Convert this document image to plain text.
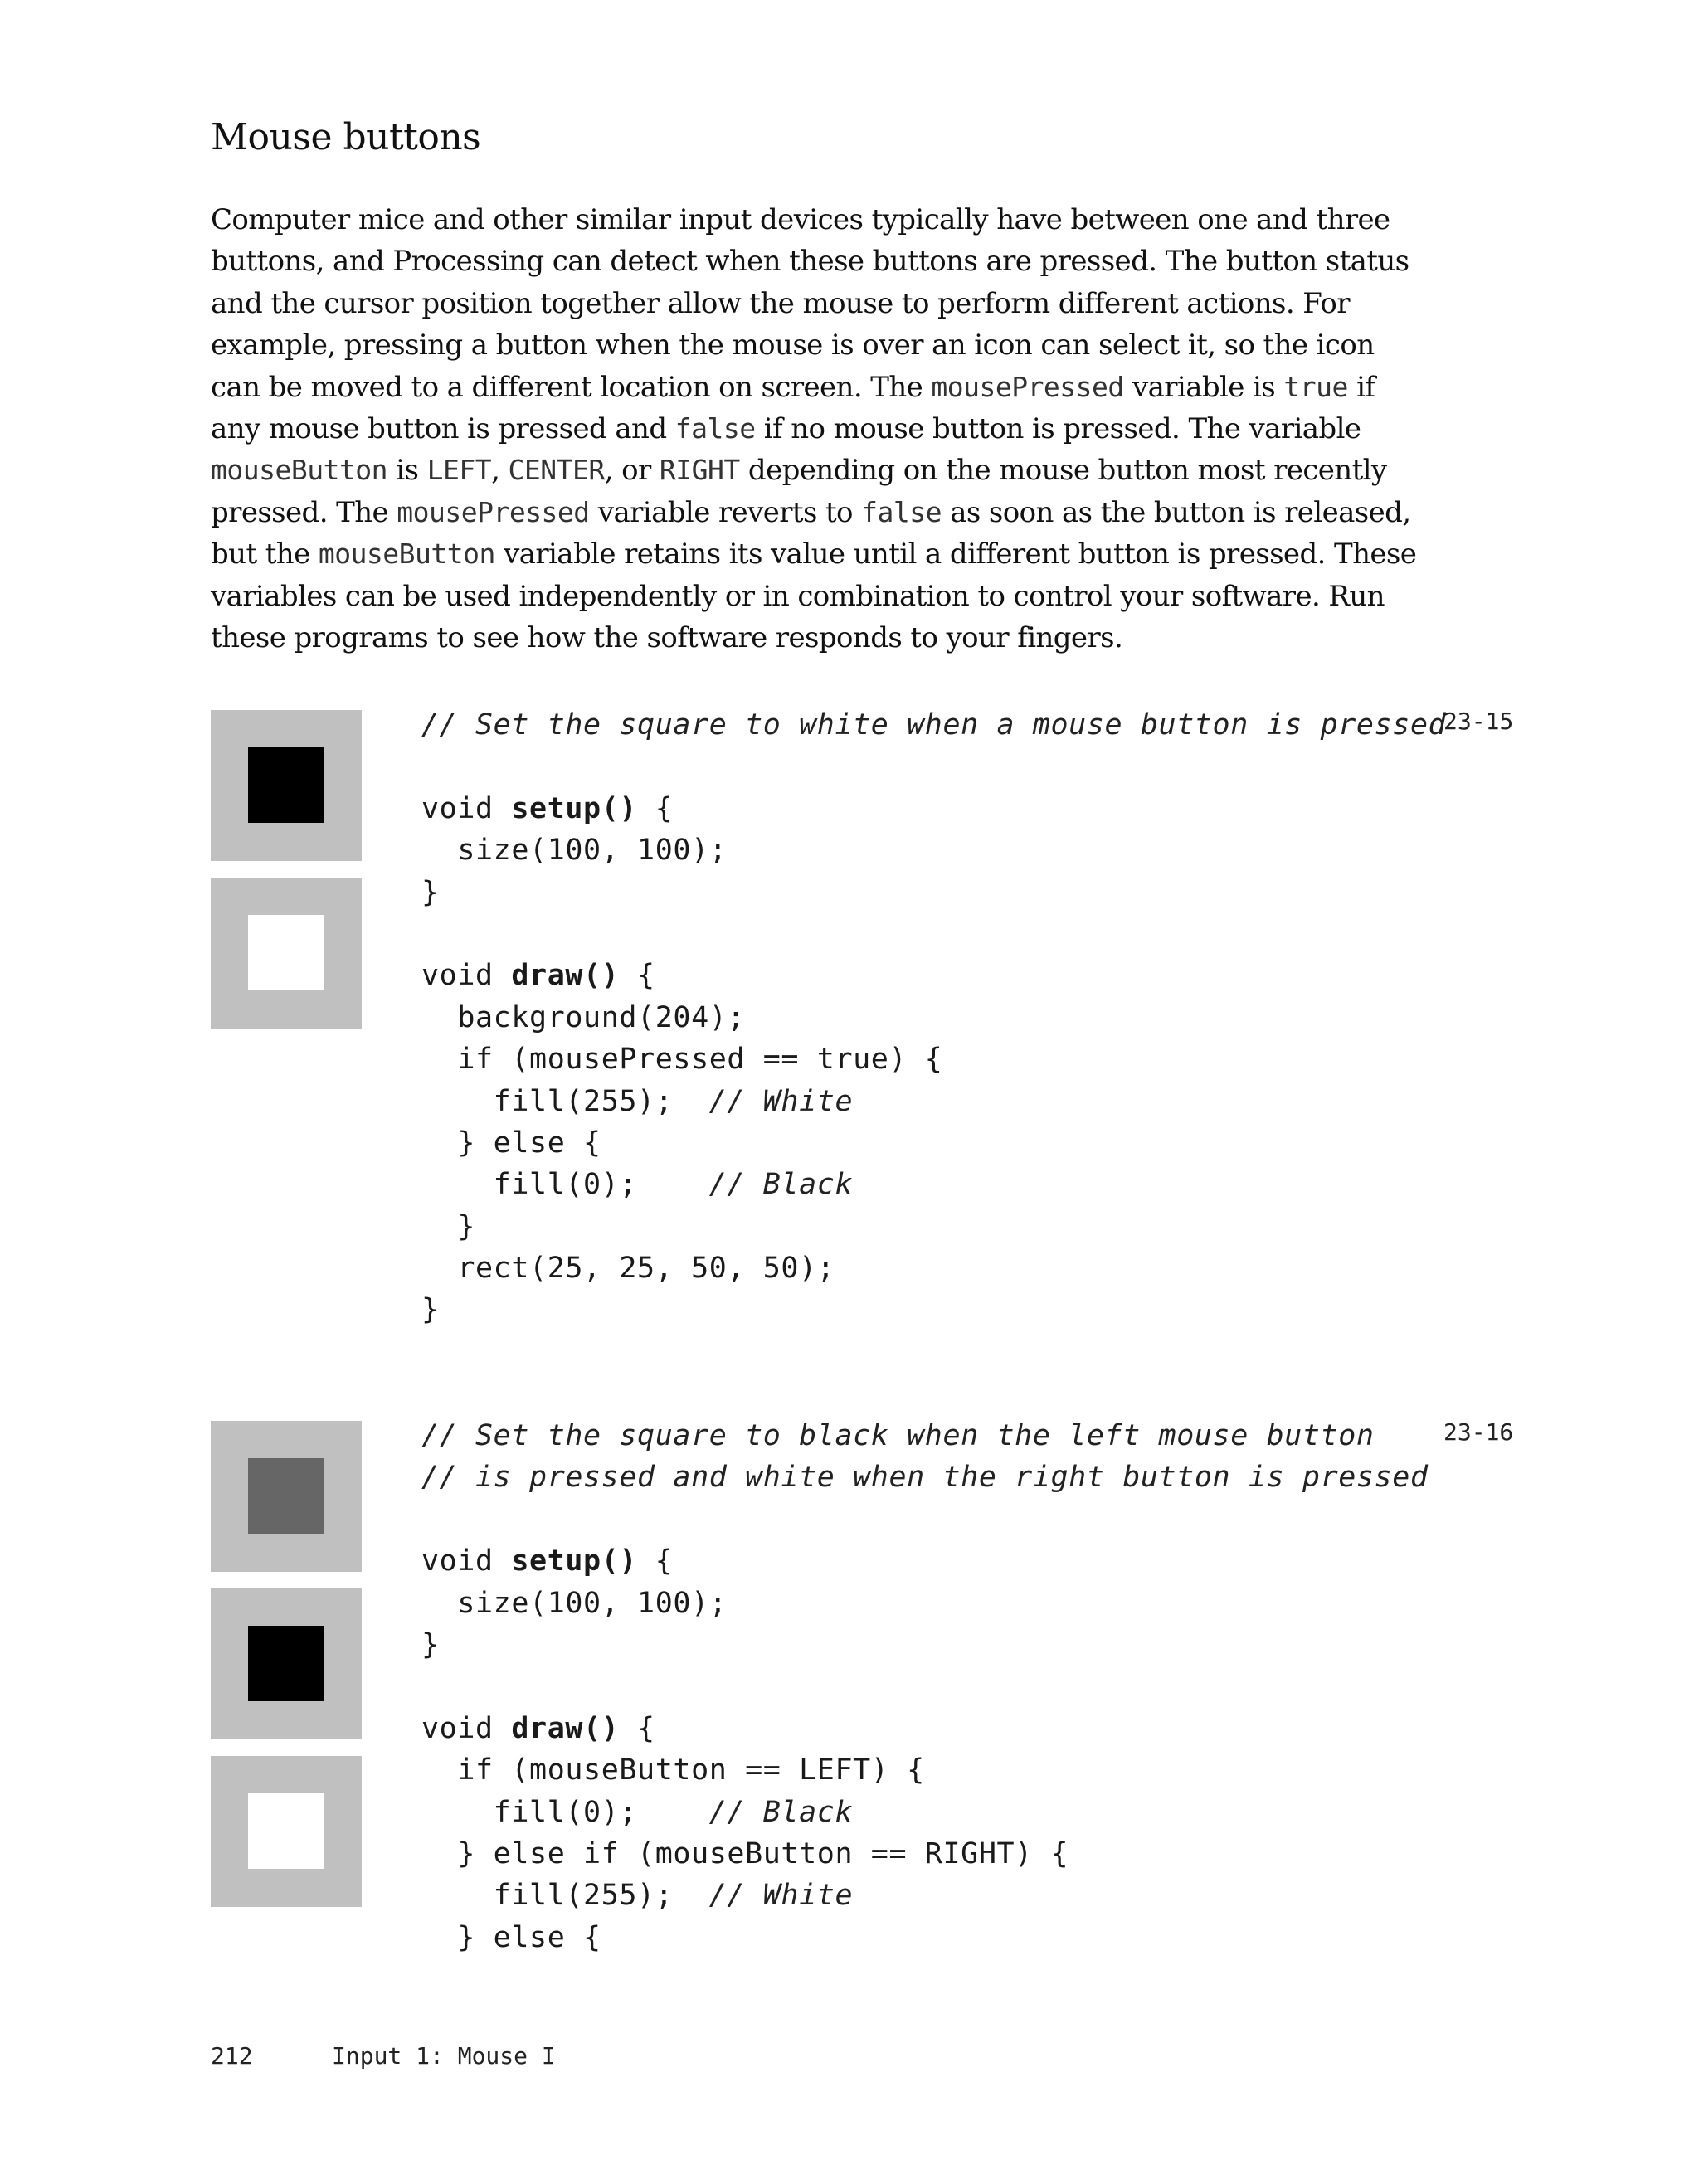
Mouse buttons

Computer mice and other similar input devices typically have between one and three buttons, and Processing can detect when these buttons are pressed. The button status and the cursor position together allow the mouse to perform different actions. For example, pressing a button when the mouse is over an icon can select it, so the icon can be moved to a different location on screen. The mousePressed variable is true if any mouse button is pressed and false if no mouse button is pressed. The variable mouseButton is LEFT, CENTER, or RIGHT depending on the mouse button most recently pressed. The mousePressed variable reverts to false as soon as the button is released, but the mouseButton variable retains its value until a different button is pressed. These variables can be used independently or in combination to control your software. Run these programs to see how the software responds to your fingers.

// Set the square to white when a mouse button is pressed
void setup() {
size(100, 100);
}
void draw() {
background(204);
if (mousePressed == true) {
fill(255);  // White
} else {
fill(0);    // Black
}
rect(25, 25, 50, 50);
}
23-15
// Set the square to black when the left mouse button
// is pressed and white when the right button is pressed
void setup() {
size(100, 100);
}
void draw() {
if (mouseButton == LEFT) {
fill(0);    // Black
} else if (mouseButton == RIGHT) {
fill(255);  // White
} else {
23-16
212	Input 1: Mouse I
